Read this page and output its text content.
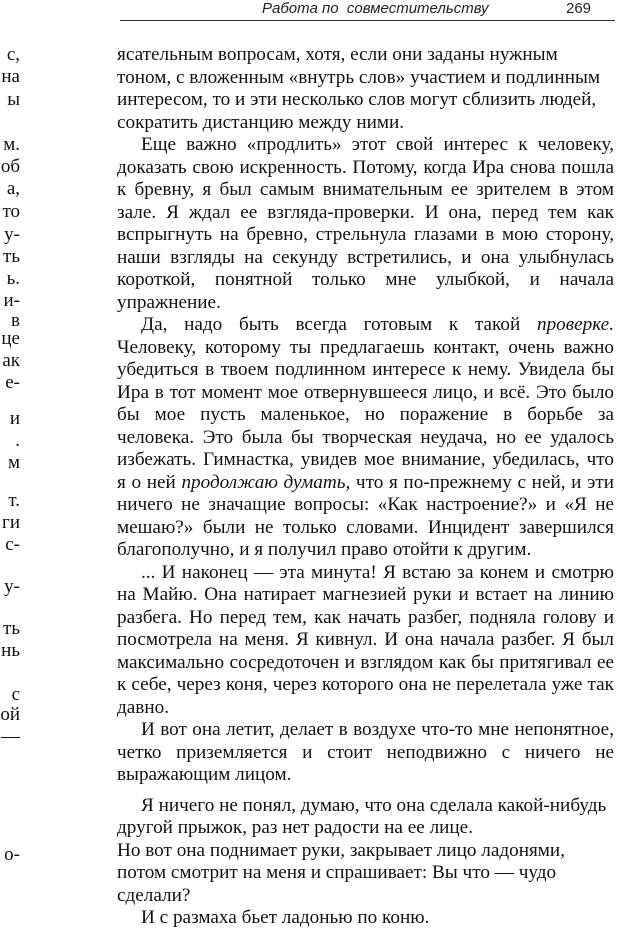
Работа по  совместительству	269
с,
на
ы
м.
об
а,
то
у-
ть
ь.
и-
в
це
ак
е-
и
.
м
т.
ги
с-
у-
ть
нь
с
ой
—
о-

ясательным вопросам, хотя, если они заданы нужным тоном, с вложенным «внутрь слов» участием и подлинным интересом, то и эти несколько слов могут сблизить людей, сократить дистанцию между ними.

Еще важно «продлить» этот свой интерес к человеку, доказать свою искренность. Потому, когда Ира снова пошла к бревну, я был самым внимательным ее зрителем в этом зале. Я ждал ее взгляда-проверки. И она, перед тем как вспрыгнуть на бревно, стрельнула глазами в мою сторону, наши взгляды на секунду встретились, и она улыбнулась короткой, понятной только мне улыбкой, и начала упражнение.

Да, надо быть всегда готовым к такой проверке. Человеку, которому ты предлагаешь контакт, очень важно убедиться в твоем подлинном интересе к нему. Увидела бы Ира в тот момент мое отвернувшееся лицо, и всё. Это было бы мое пусть маленькое, но поражение в борьбе за человека. Это была бы творческая неудача, но ее удалось избежать. Гимнастка, увидев мое внимание, убедилась, что я о ней продолжаю думать, что я по-прежнему с ней, и эти ничего не значащие вопросы: «Как настроение?» и «Я не мешаю?» были не только словами. Инцидент завершился благополучно, и я получил право отойти к другим.

... И наконец — эта минута! Я встаю за конем и смотрю на Майю. Она натирает магнезией руки и встает на линию разбега. Но перед тем, как начать разбег, подняла голову и посмотрела на меня. Я кивнул. И она начала разбег. Я был максимально сосредоточен и взглядом как бы притягивал ее к себе, через коня, через которого она не перелетала уже так давно.

И вот она летит, делает в воздухе что-то мне непонятное, четко приземляется и стоит неподвижно с ничего не выражающим лицом.

Я ничего не понял, думаю, что она сделала какой-нибудь другой прыжок, раз нет радости на ее лице.

Но вот она поднимает руки, закрывает лицо ладонями, потом смотрит на меня и спрашивает: Вы что — чудо сделали?

И с размаха бьет ладонью по коню.
